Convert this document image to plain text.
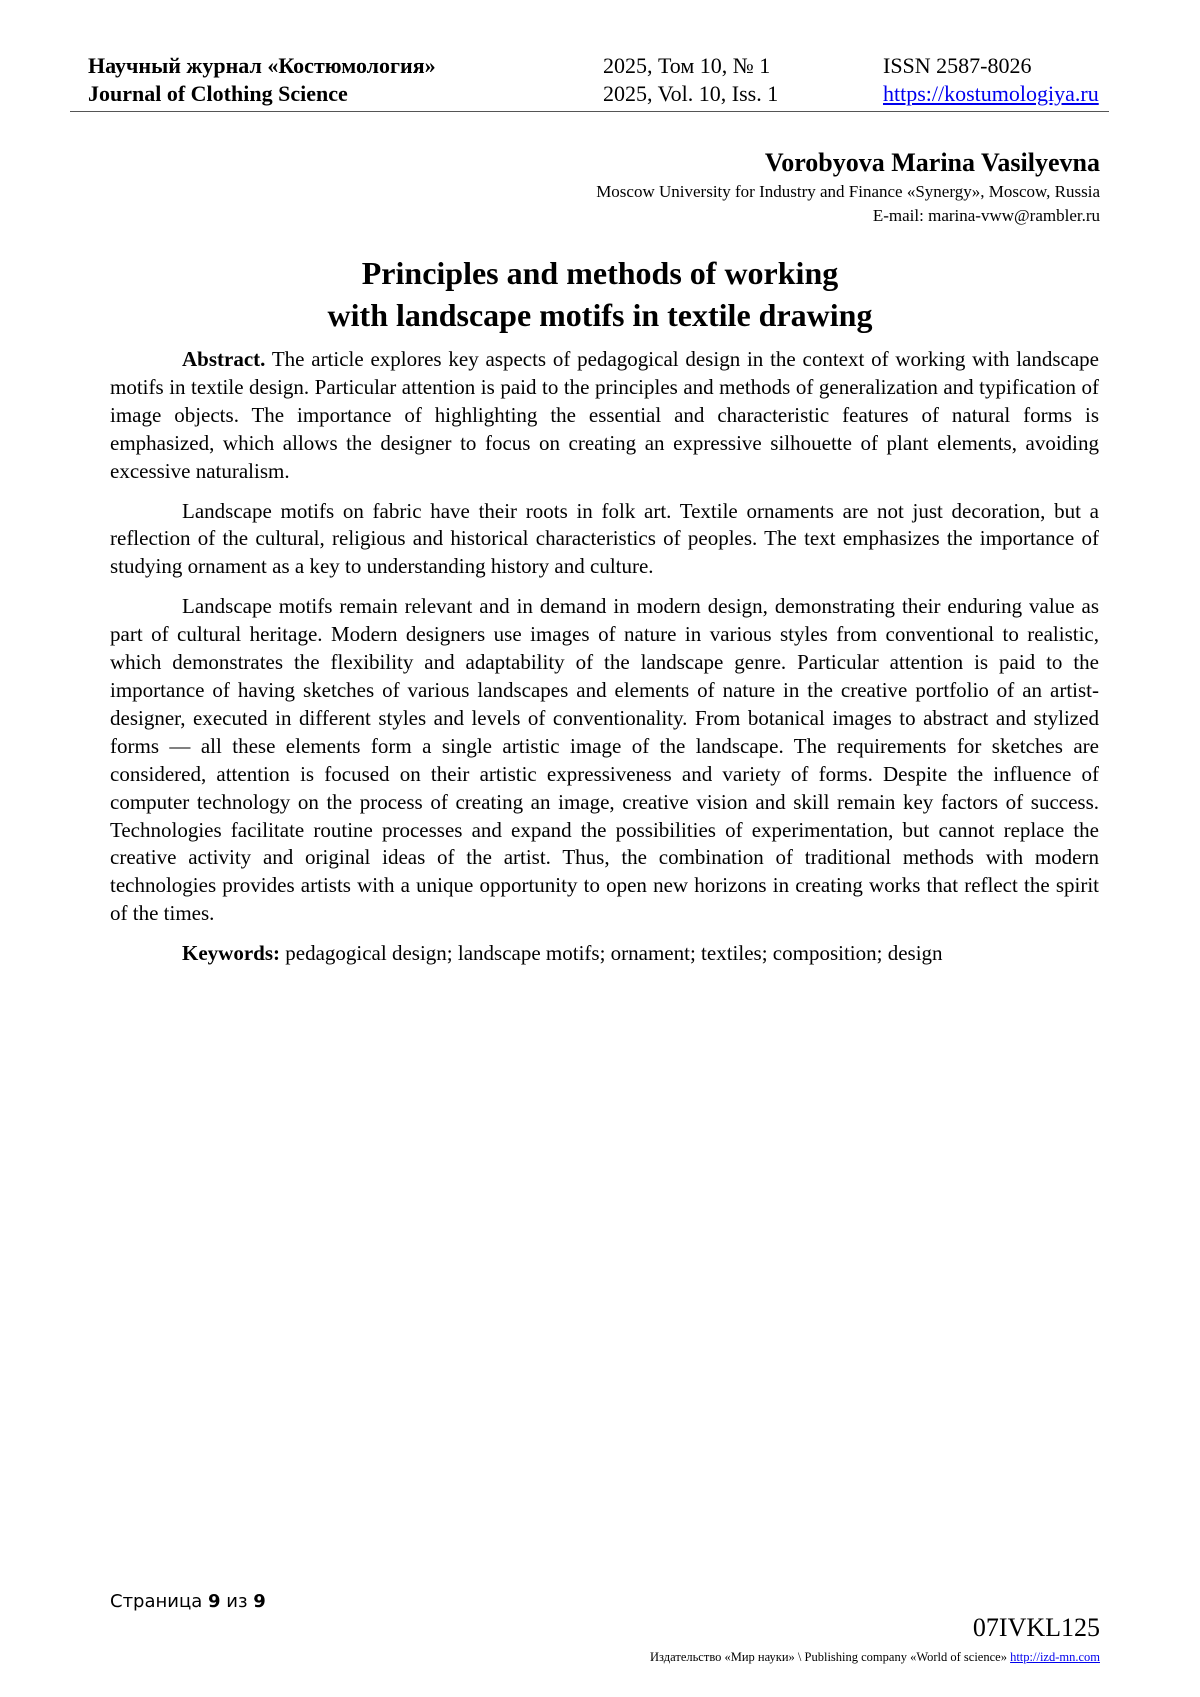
Научный журнал «Костюмология»
Journal of Clothing Science
2025, Том 10, № 1
2025, Vol. 10, Iss. 1
ISSN 2587-8026
https://kostumologiya.ru
Vorobyova Marina Vasilyevna
Moscow University for Industry and Finance «Synergy», Moscow, Russia
E-mail: marina-vww@rambler.ru
Principles and methods of working
with landscape motifs in textile drawing

Abstract. The article explores key aspects of pedagogical design in the context of working with landscape motifs in textile design. Particular attention is paid to the principles and methods of generalization and typification of image objects. The importance of highlighting the essential and characteristic features of natural forms is emphasized, which allows the designer to focus on creating an expressive silhouette of plant elements, avoiding excessive naturalism.

Landscape motifs on fabric have their roots in folk art. Textile ornaments are not just decoration, but a reflection of the cultural, religious and historical characteristics of peoples. The text emphasizes the importance of studying ornament as a key to understanding history and culture.

Landscape motifs remain relevant and in demand in modern design, demonstrating their enduring value as part of cultural heritage. Modern designers use images of nature in various styles from conventional to realistic, which demonstrates the flexibility and adaptability of the landscape genre. Particular attention is paid to the importance of having sketches of various landscapes and elements of nature in the creative portfolio of an artist-designer, executed in different styles and levels of conventionality. From botanical images to abstract and stylized forms — all these elements form a single artistic image of the landscape. The requirements for sketches are considered, attention is focused on their artistic expressiveness and variety of forms. Despite the influence of computer technology on the process of creating an image, creative vision and skill remain key factors of success. Technologies facilitate routine processes and expand the possibilities of experimentation, but cannot replace the creative activity and original ideas of the artist. Thus, the combination of traditional methods with modern technologies provides artists with a unique opportunity to open new horizons in creating works that reflect the spirit of the times.

Keywords: pedagogical design; landscape motifs; ornament; textiles; composition; design

Страница 9 из 9
07IVKL125
Издательство «Мир науки» \ Publishing company «World of science» http://izd-mn.com
